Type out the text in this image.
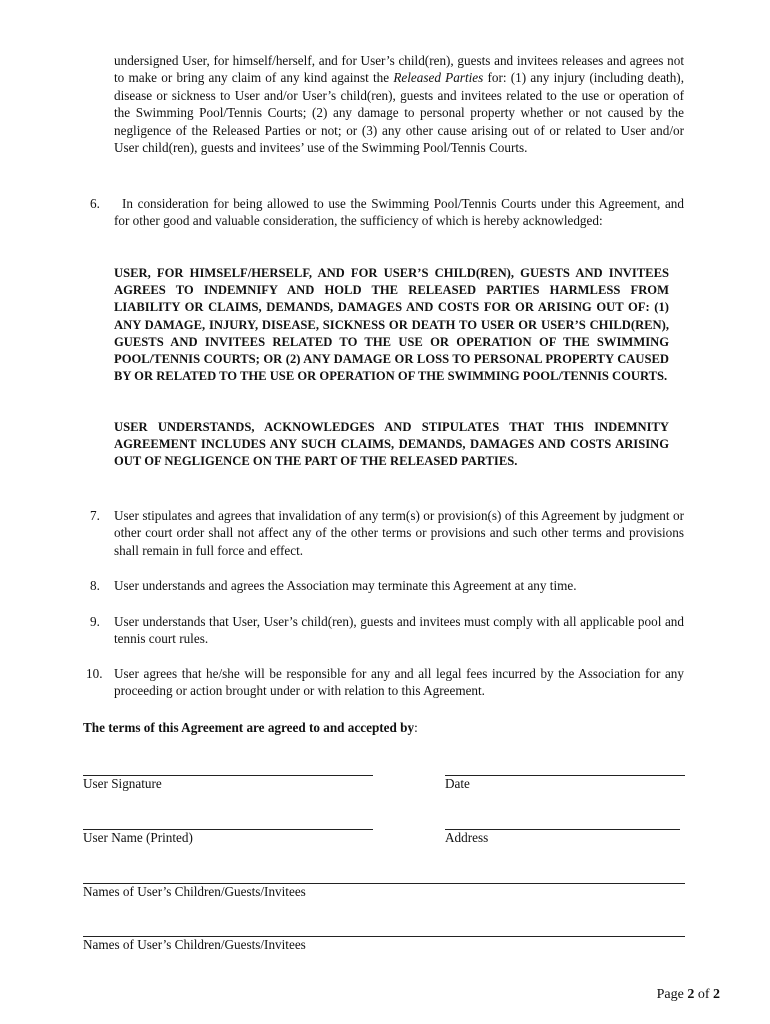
undersigned User, for himself/herself, and for User’s child(ren), guests and invitees releases and agrees not to make or bring any claim of any kind against the Released Parties for: (1) any injury (including death), disease or sickness to User and/or User’s child(ren), guests and invitees related to the use or operation of the Swimming Pool/Tennis Courts; (2) any damage to personal property whether or not caused by the negligence of the Released Parties or not; or (3) any other cause arising out of or related to User and/or User child(ren), guests and invitees’ use of the Swimming Pool/Tennis Courts.
6.	In consideration for being allowed to use the Swimming Pool/Tennis Courts under this Agreement, and for other good and valuable consideration, the sufficiency of which is hereby acknowledged:
USER, FOR HIMSELF/HERSELF, AND FOR USER’S CHILD(REN), GUESTS AND INVITEES AGREES TO INDEMNIFY AND HOLD THE RELEASED PARTIES HARMLESS FROM LIABILITY OR CLAIMS, DEMANDS, DAMAGES AND COSTS FOR OR ARISING OUT OF: (1) ANY DAMAGE, INJURY, DISEASE, SICKNESS OR DEATH TO USER OR USER’S CHILD(REN), GUESTS AND INVITEES RELATED TO THE USE OR OPERATION OF THE SWIMMING POOL/TENNIS COURTS; OR (2) ANY DAMAGE OR LOSS TO PERSONAL PROPERTY CAUSED BY OR RELATED TO THE USE OR OPERATION OF THE SWIMMING POOL/TENNIS COURTS.
USER UNDERSTANDS, ACKNOWLEDGES AND STIPULATES THAT THIS INDEMNITY AGREEMENT INCLUDES ANY SUCH CLAIMS, DEMANDS, DAMAGES AND COSTS ARISING OUT OF NEGLIGENCE ON THE PART OF THE RELEASED PARTIES.
7.	User stipulates and agrees that invalidation of any term(s) or provision(s) of this Agreement by judgment or other court order shall not affect any of the other terms or provisions and such other terms and provisions shall remain in full force and effect.
8.	User understands and agrees the Association may terminate this Agreement at any time.
9.	User understands that User, User’s child(ren), guests and invitees must comply with all applicable pool and tennis court rules.
10. User agrees that he/she will be responsible for any and all legal fees incurred by the Association for any proceeding or action brought under or with relation to this Agreement.
The terms of this Agreement are agreed to and accepted by:
User Signature	Date
User Name (Printed)	Address
Names of User’s Children/Guests/Invitees
Names of User’s Children/Guests/Invitees
Page 2 of 2
